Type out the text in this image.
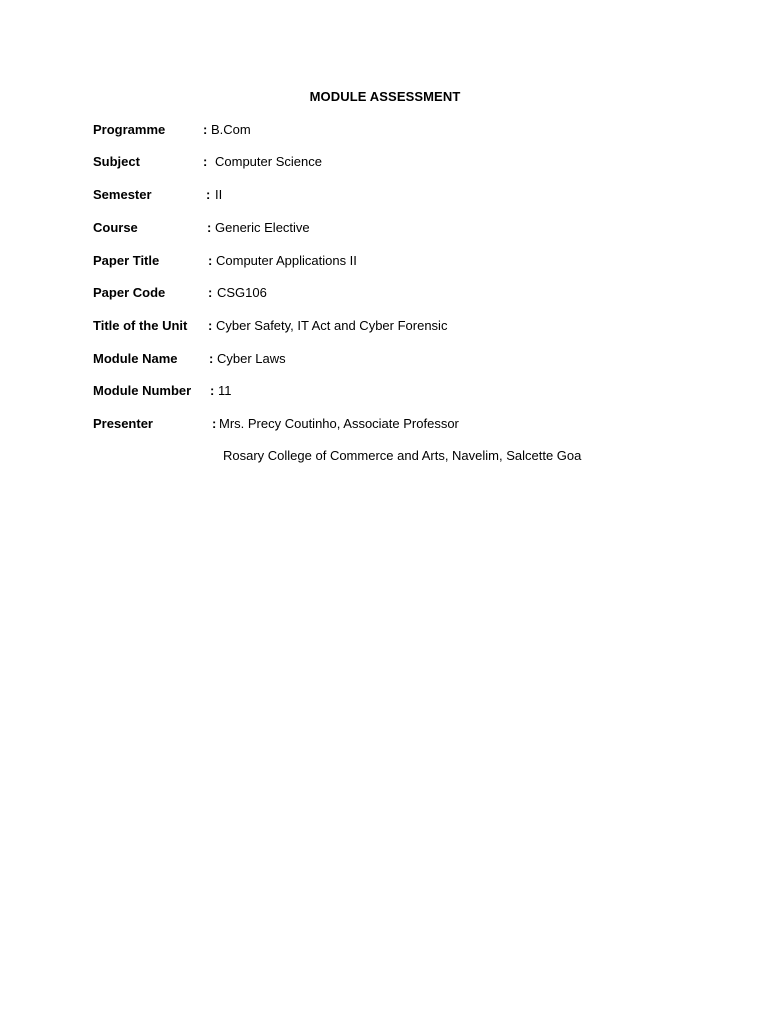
MODULE ASSESSMENT
Programme	: B.Com
Subject	: Computer Science
Semester	: II
Course	: Generic Elective
Paper Title	: Computer Applications II
Paper Code	: CSG106
Title of the Unit : Cyber Safety, IT Act and Cyber Forensic
Module Name : Cyber Laws
Module Number : 11
Presenter	: Mrs. Precy Coutinho, Associate Professor
Rosary College of Commerce and Arts, Navelim, Salcette Goa
